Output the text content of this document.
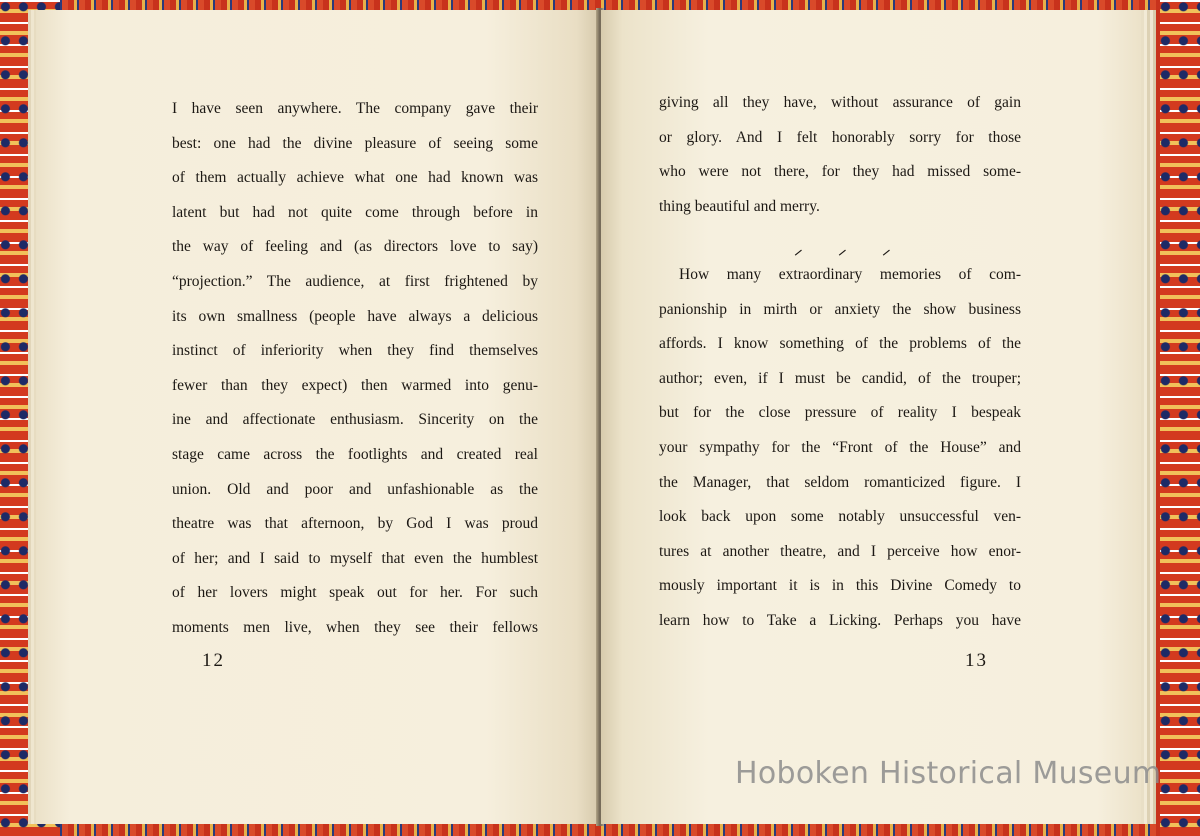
I have seen anywhere. The company gave their
best: one had the divine pleasure of seeing some
of them actually achieve what one had known was
latent but had not quite come through before in
the way of feeling and (as directors love to say)
“projection.” The audience, at first frightened by
its own smallness (people have always a delicious
instinct of inferiority when they find themselves
fewer than they expect) then warmed into genu-
ine and affectionate enthusiasm. Sincerity on the
stage came across the footlights and created real
union. Old and poor and unfashionable as the
theatre was that afternoon, by God I was proud
of her; and I said to myself that even the humblest
of her lovers might speak out for her. For such
moments men live, when they see their fellows
12
giving all they have, without assurance of gain
or glory. And I felt honorably sorry for those
who were not there, for they had missed some-
thing beautiful and merry.
How many extraordinary memories of com-
panionship in mirth or anxiety the show business
affords. I know something of the problems of the
author; even, if I must be candid, of the trouper;
but for the close pressure of reality I bespeak
your sympathy for the “Front of the House” and
the Manager, that seldom romanticized figure. I
look back upon some notably unsuccessful ven-
tures at another theatre, and I perceive how enor-
mously important it is in this Divine Comedy to
learn how to Take a Licking. Perhaps you have
⸍	⸍	⸍
13
Hoboken Historical Museum
